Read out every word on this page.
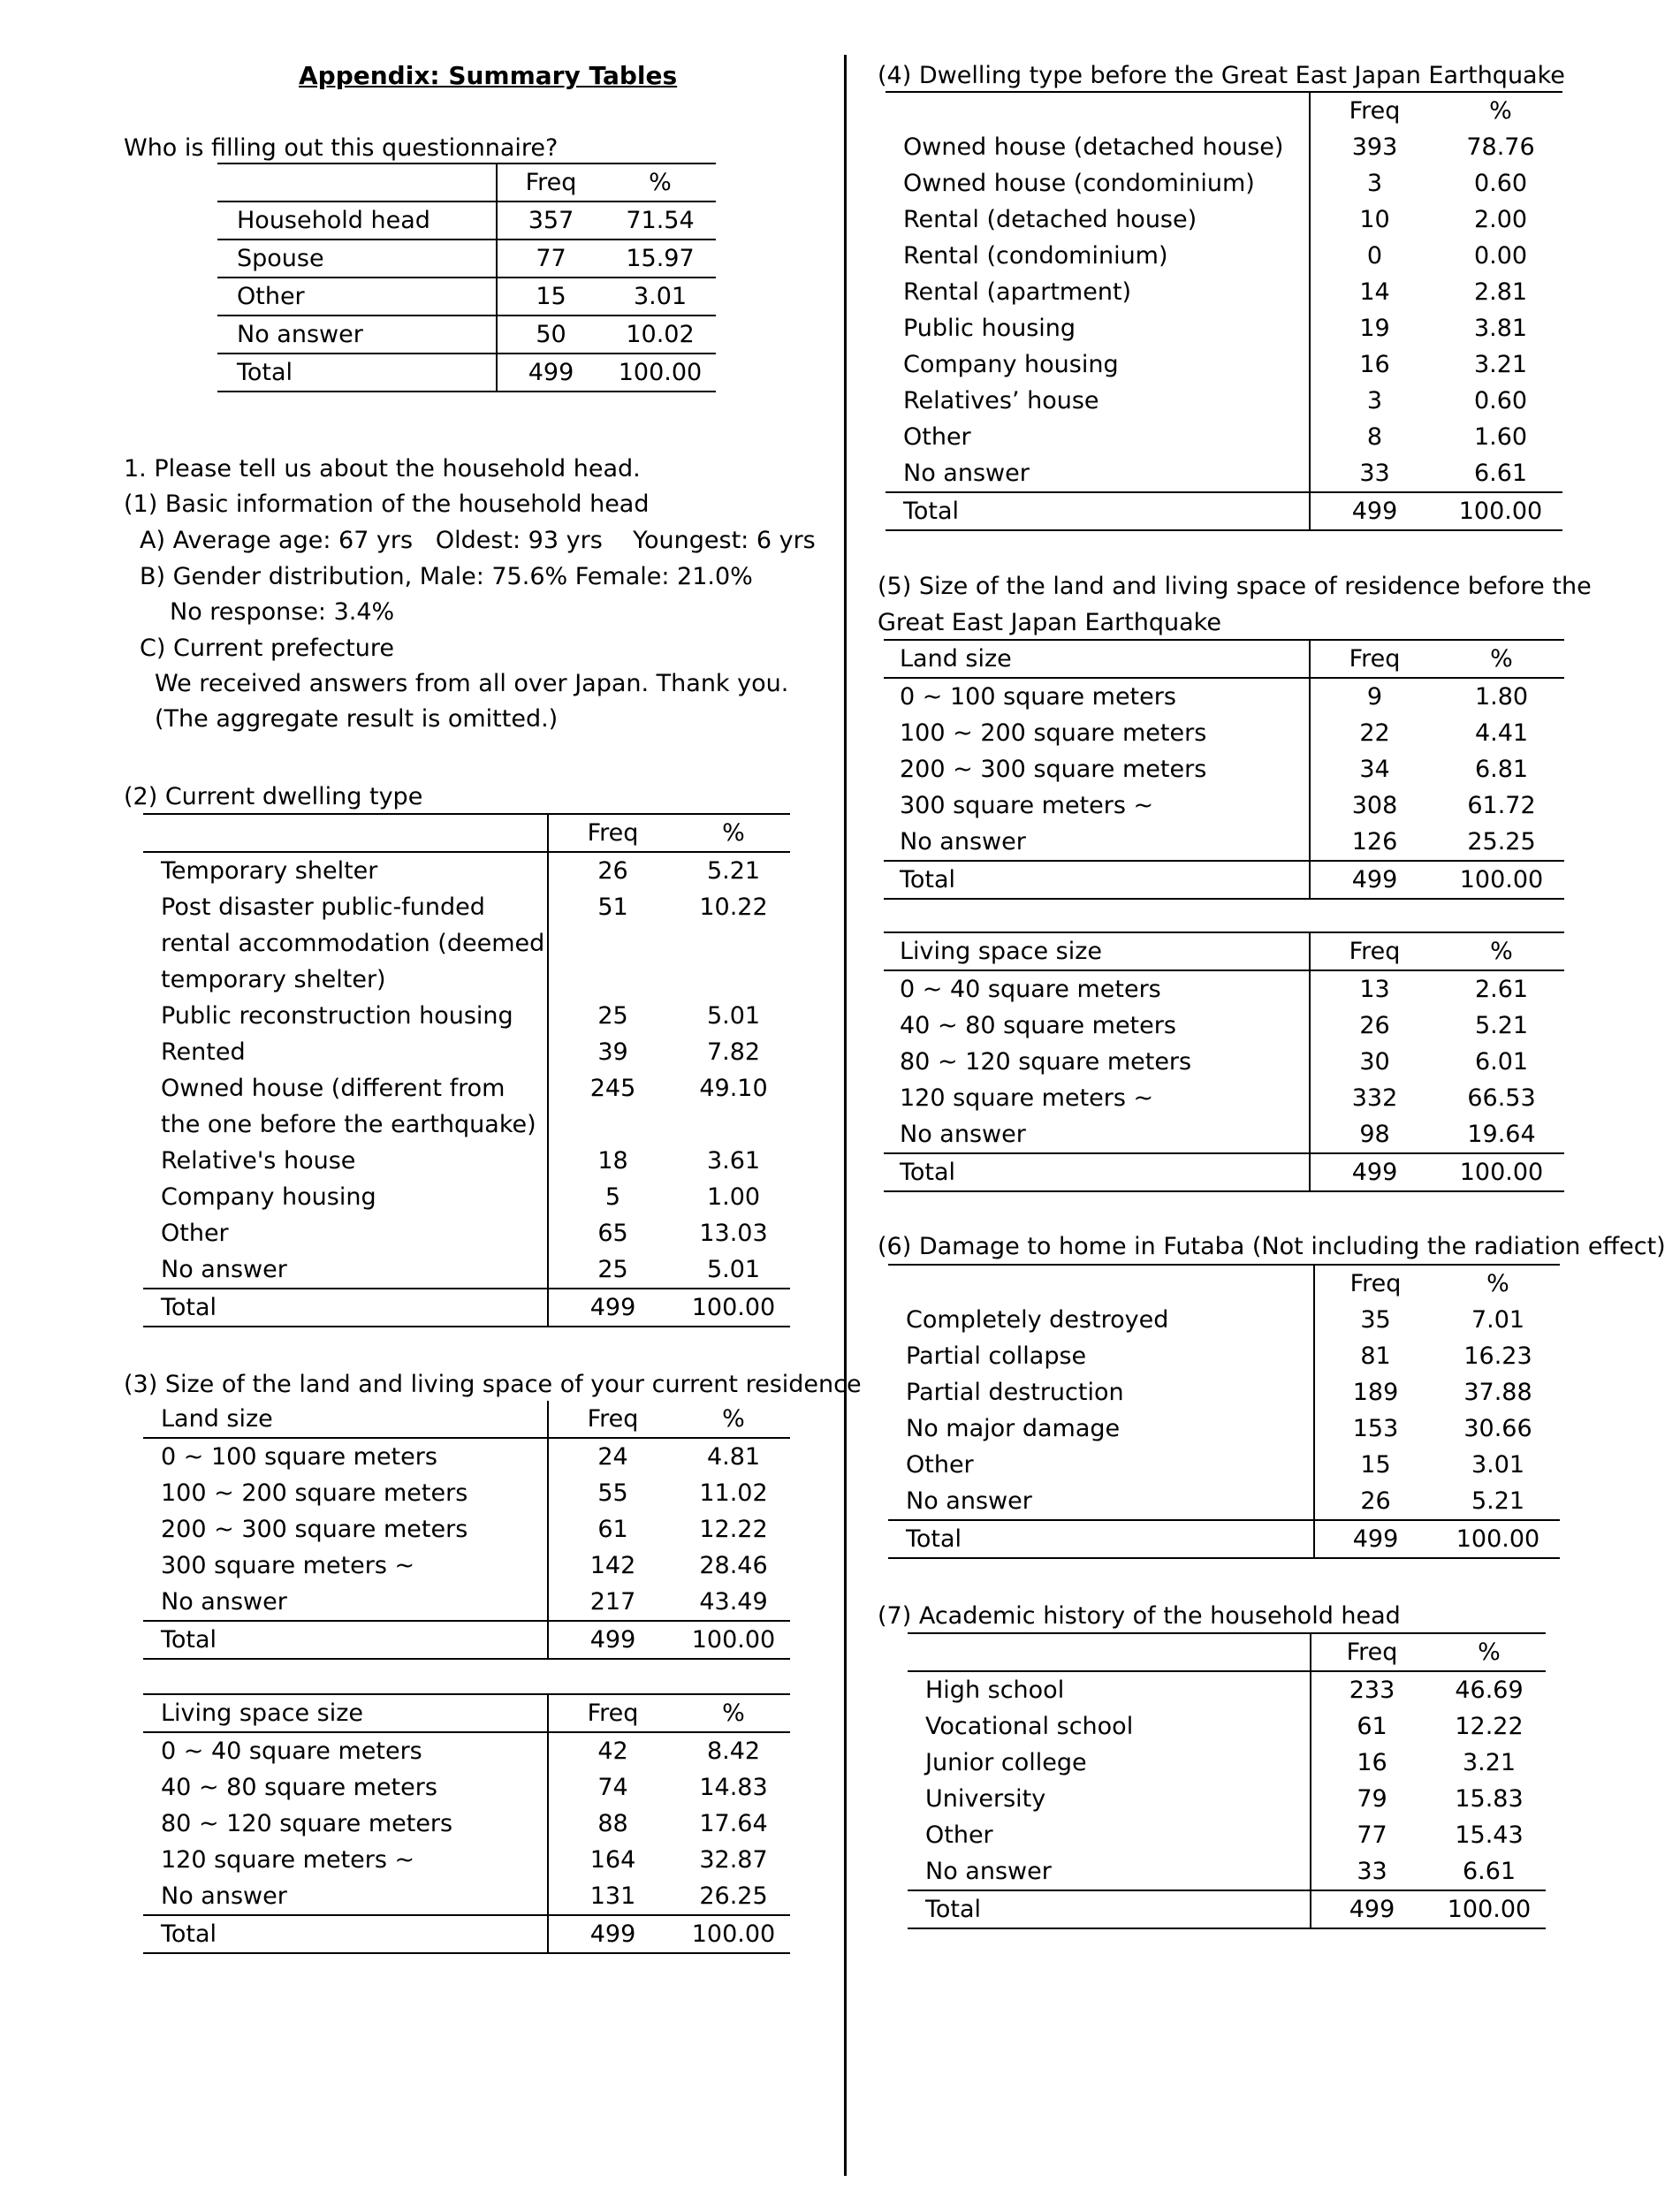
Appendix: Summary Tables
Who is filling out this questionnaire?
	Freq	%
Household head	357	71.54
Spouse	77	15.97
Other	15	3.01
No answer	50	10.02
Total	499	100.00
1. Please tell us about the household head.
(1) Basic information of the household head
A) Average age: 67 yrs   Oldest: 93 yrs    Youngest: 6 yrs
B) Gender distribution, Male: 75.6% Female: 21.0%
No response: 3.4%
C) Current prefecture
We received answers from all over Japan. Thank you.
(The aggregate result is omitted.)
(2) Current dwelling type
	Freq	%
Temporary shelter	26	5.21
Post disaster public-funded	51	10.22
rental accommodation (deemed		
temporary shelter)		
Public reconstruction housing	25	5.01
Rented	39	7.82
Owned house (different from	245	49.10
the one before the earthquake)		
Relative's house	18	3.61
Company housing	5	1.00
Other	65	13.03
No answer	25	5.01
Total	499	100.00
(3) Size of the land and living space of your current residence
Land size	Freq	%
0 ~ 100 square meters	24	4.81
100 ~ 200 square meters	55	11.02
200 ~ 300 square meters	61	12.22
300 square meters ~	142	28.46
No answer	217	43.49
Total	499	100.00
Living space size	Freq	%
0 ~ 40 square meters	42	8.42
40 ~ 80 square meters	74	14.83
80 ~ 120 square meters	88	17.64
120 square meters ~	164	32.87
No answer	131	26.25
Total	499	100.00
(4) Dwelling type before the Great East Japan Earthquake
	Freq	%
Owned house (detached house)	393	78.76
Owned house (condominium)	3	0.60
Rental (detached house)	10	2.00
Rental (condominium)	0	0.00
Rental (apartment)	14	2.81
Public housing	19	3.81
Company housing	16	3.21
Relatives’ house	3	0.60
Other	8	1.60
No answer	33	6.61
Total	499	100.00
(5) Size of the land and living space of residence before the
Great East Japan Earthquake
Land size	Freq	%
0 ~ 100 square meters	9	1.80
100 ~ 200 square meters	22	4.41
200 ~ 300 square meters	34	6.81
300 square meters ~	308	61.72
No answer	126	25.25
Total	499	100.00
Living space size	Freq	%
0 ~ 40 square meters	13	2.61
40 ~ 80 square meters	26	5.21
80 ~ 120 square meters	30	6.01
120 square meters ~	332	66.53
No answer	98	19.64
Total	499	100.00
(6) Damage to home in Futaba (Not including the radiation effect)
	Freq	%
Completely destroyed	35	7.01
Partial collapse	81	16.23
Partial destruction	189	37.88
No major damage	153	30.66
Other	15	3.01
No answer	26	5.21
Total	499	100.00
(7) Academic history of the household head
	Freq	%
High school	233	46.69
Vocational school	61	12.22
Junior college	16	3.21
University	79	15.83
Other	77	15.43
No answer	33	6.61
Total	499	100.00
